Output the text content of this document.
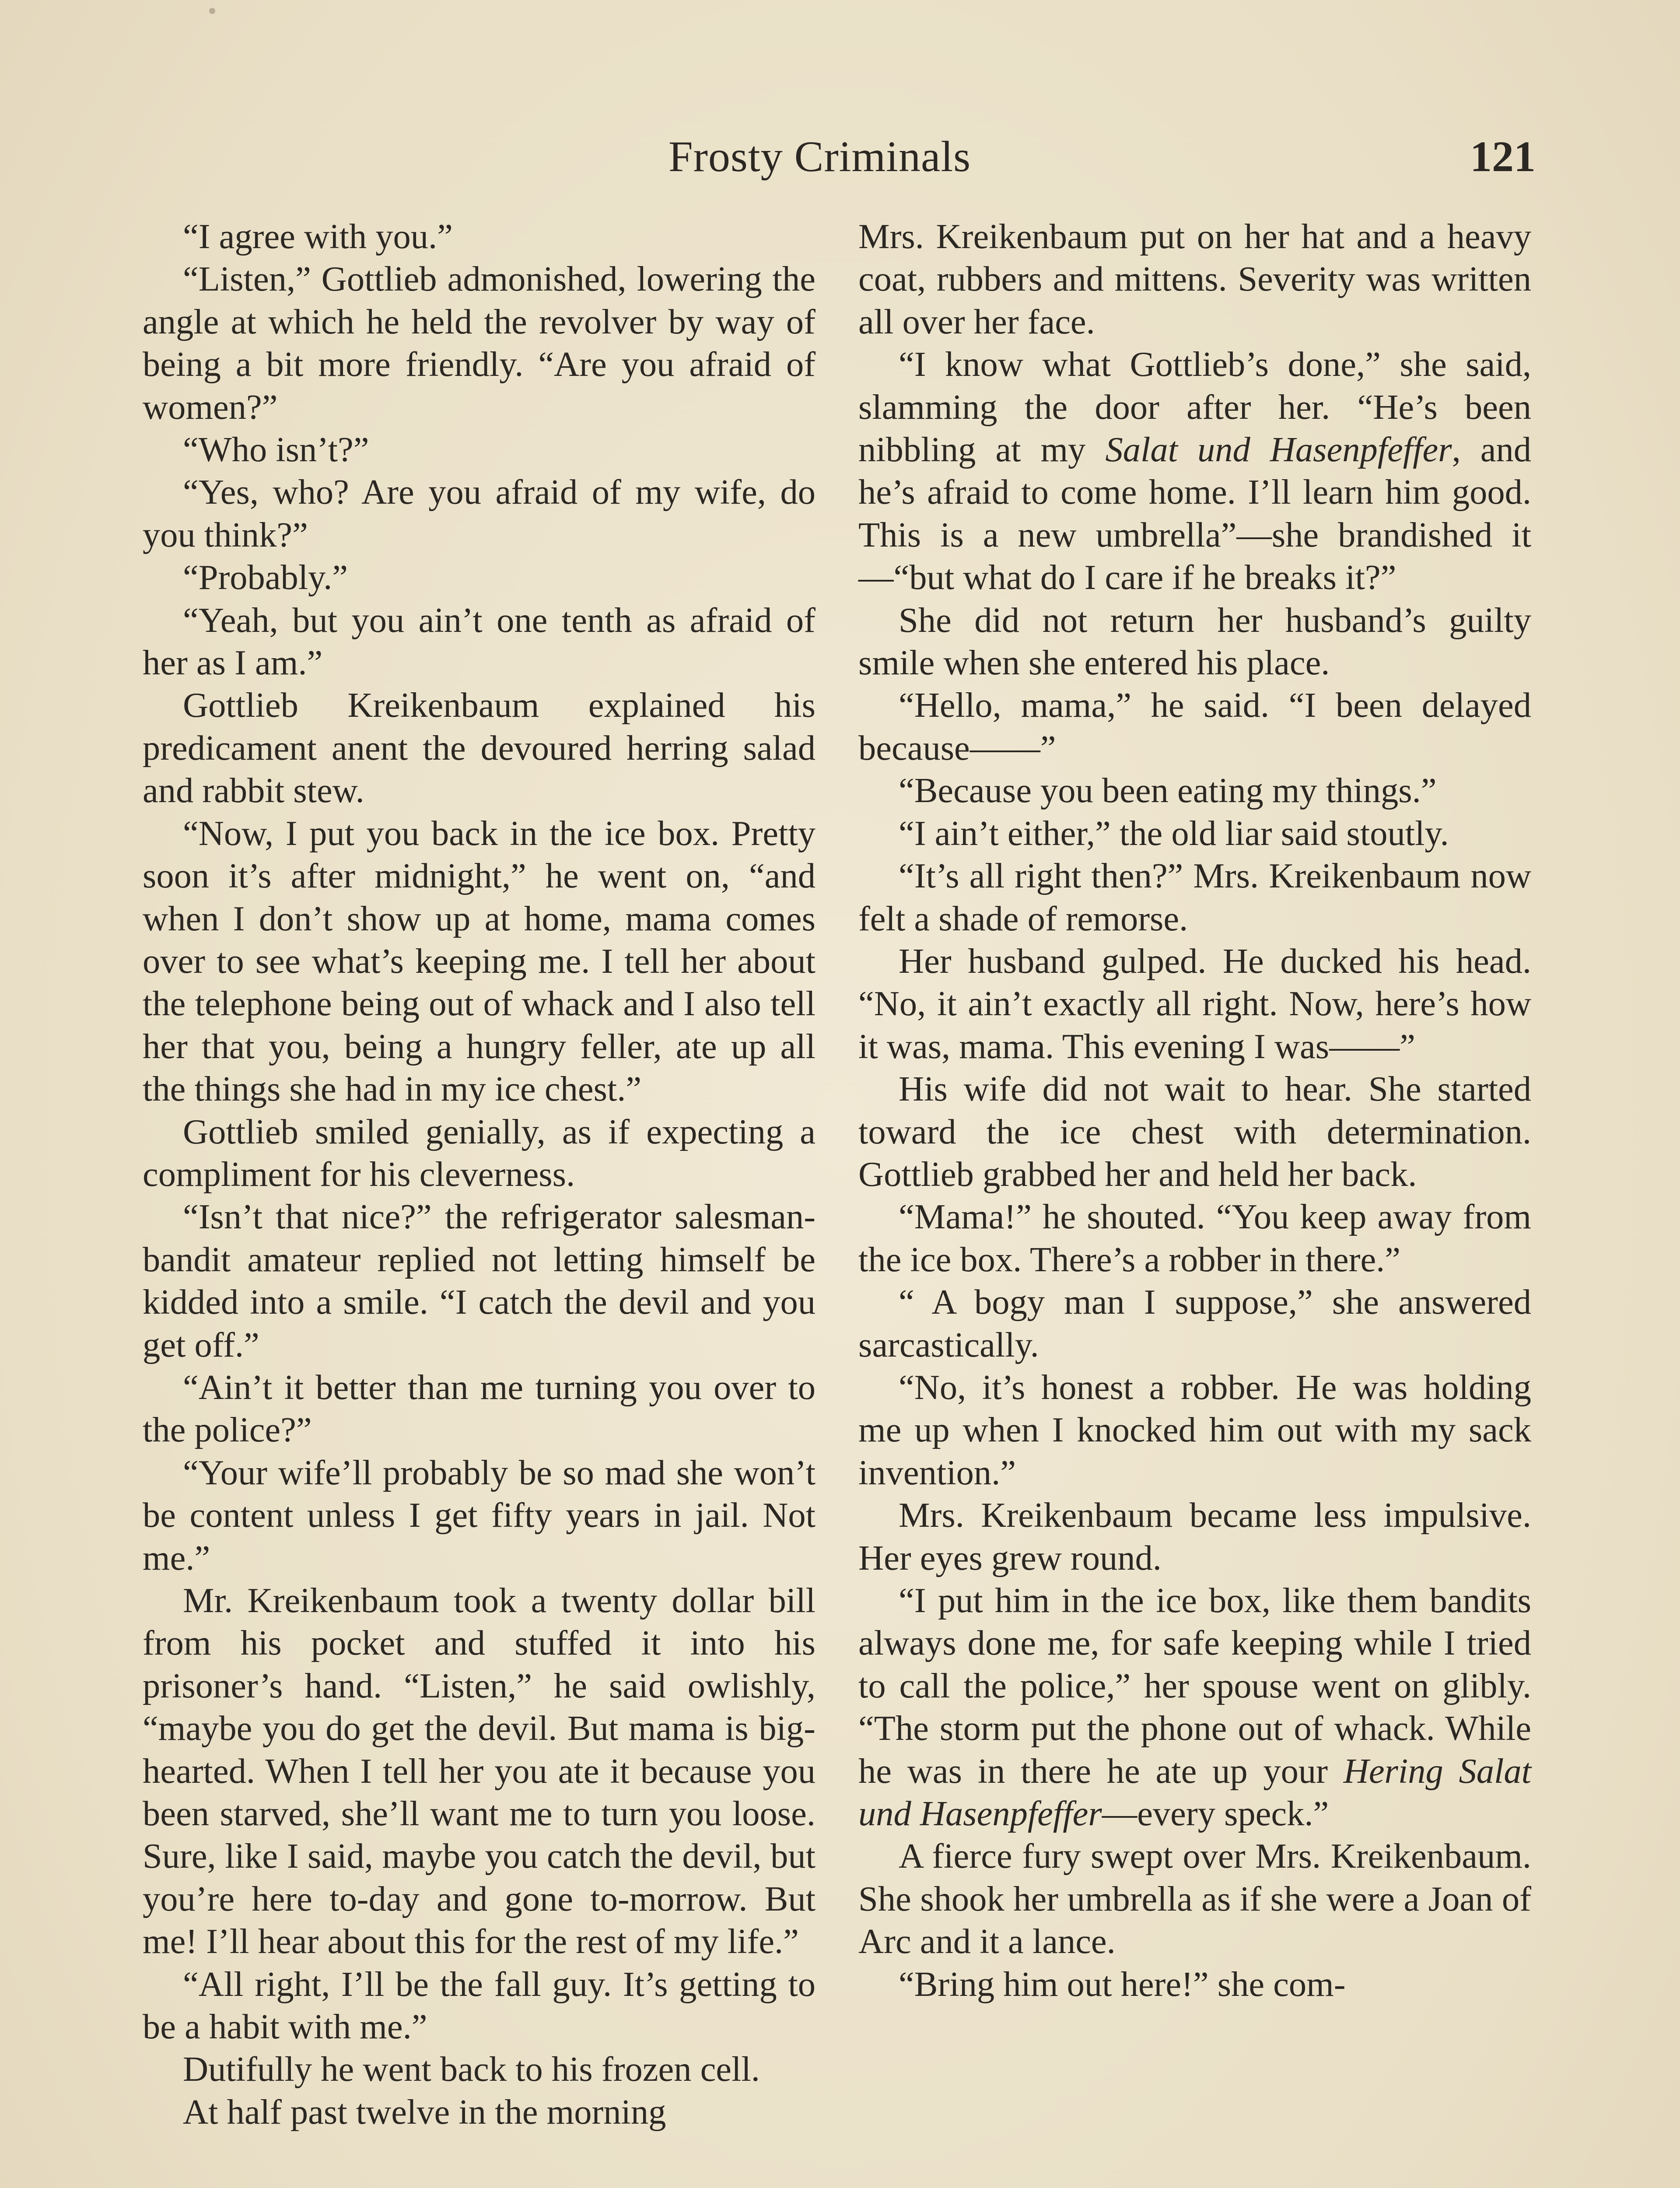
Frosty Criminals	121

“I agree with you.”

“Listen,” Gottlieb admonished, lowering the angle at which he held the revolver by way of being a bit more friendly. “Are you afraid of women?”

“Who isn’t?”

“Yes, who? Are you afraid of my wife, do you think?”

“Probably.”

“Yeah, but you ain’t one tenth as afraid of her as I am.”

Gottlieb Kreikenbaum explained his predicament anent the devoured herring salad and rabbit stew.

“Now, I put you back in the ice box. Pretty soon it’s after midnight,” he went on, “and when I don’t show up at home, mama comes over to see what’s keeping me. I tell her about the telephone being out of whack and I also tell her that you, being a hungry feller, ate up all the things she had in my ice chest.”

Gottlieb smiled genially, as if expecting a compliment for his cleverness.

“Isn’t that nice?” the refrigerator salesman-bandit amateur replied not letting himself be kidded into a smile. “I catch the devil and you get off.”

“Ain’t it better than me turning you over to the police?”

“Your wife’ll probably be so mad she won’t be content unless I get fifty years in jail. Not me.”

Mr. Kreikenbaum took a twenty dollar bill from his pocket and stuffed it into his prisoner’s hand. “Listen,” he said owlishly, “maybe you do get the devil. But mama is big-hearted. When I tell her you ate it because you been starved, she’ll want me to turn you loose. Sure, like I said, maybe you catch the devil, but you’re here to-day and gone to-morrow. But me! I’ll hear about this for the rest of my life.”

“All right, I’ll be the fall guy. It’s getting to be a habit with me.”

Dutifully he went back to his frozen cell.

At half past twelve in the morning

Mrs. Kreikenbaum put on her hat and a heavy coat, rubbers and mittens. Severity was written all over her face.

“I know what Gottlieb’s done,” she said, slamming the door after her. “He’s been nibbling at my Salat und Hasenpfeffer, and he’s afraid to come home. I’ll learn him good. This is a new umbrella”—she brandished it—“but what do I care if he breaks it?”

She did not return her husband’s guilty smile when she entered his place.

“Hello, mama,” he said. “I been delayed because——”

“Because you been eating my things.”

“I ain’t either,” the old liar said stoutly.

“It’s all right then?” Mrs. Kreikenbaum now felt a shade of remorse.

Her husband gulped. He ducked his head. “No, it ain’t exactly all right. Now, here’s how it was, mama. This evening I was——”

His wife did not wait to hear. She started toward the ice chest with determination. Gottlieb grabbed her and held her back.

“Mama!” he shouted. “You keep away from the ice box. There’s a robber in there.”

“ A bogy man I suppose,” she answered sarcastically.

“No, it’s honest a robber. He was holding me up when I knocked him out with my sack invention.”

Mrs. Kreikenbaum became less impulsive. Her eyes grew round.

“I put him in the ice box, like them bandits always done me, for safe keeping while I tried to call the police,” her spouse went on glibly. “The storm put the phone out of whack. While he was in there he ate up your Hering Salat und Hasenpfeffer—every speck.”

A fierce fury swept over Mrs. Kreikenbaum. She shook her umbrella as if she were a Joan of Arc and it a lance.

“Bring him out here!” she com-
